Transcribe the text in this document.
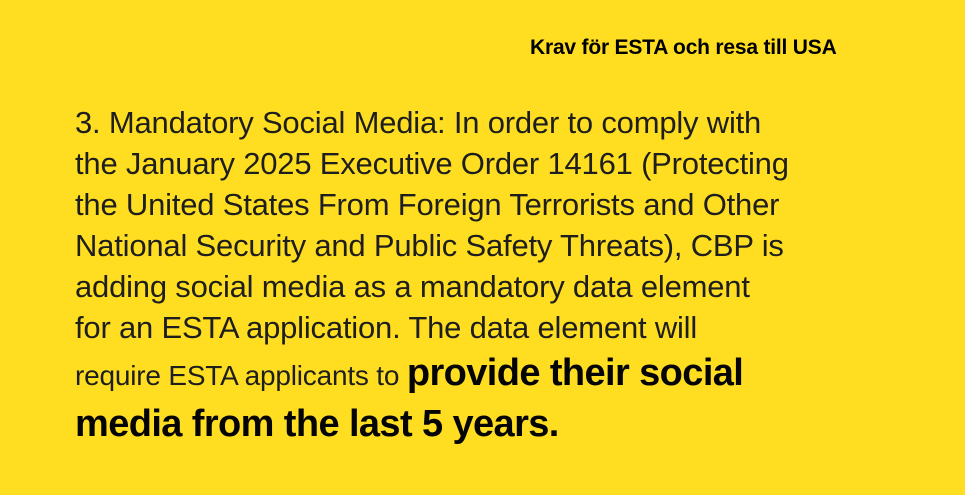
Krav för ESTA och resa till USA
3. Mandatory Social Media: In order to comply with
the January 2025 Executive Order 14161 (Protecting
the United States From Foreign Terrorists and Other
National Security and Public Safety Threats), CBP is
adding social media as a mandatory data element
for an ESTA application. The data element will
require ESTA applicants to provide their social
media from the last 5 years.
